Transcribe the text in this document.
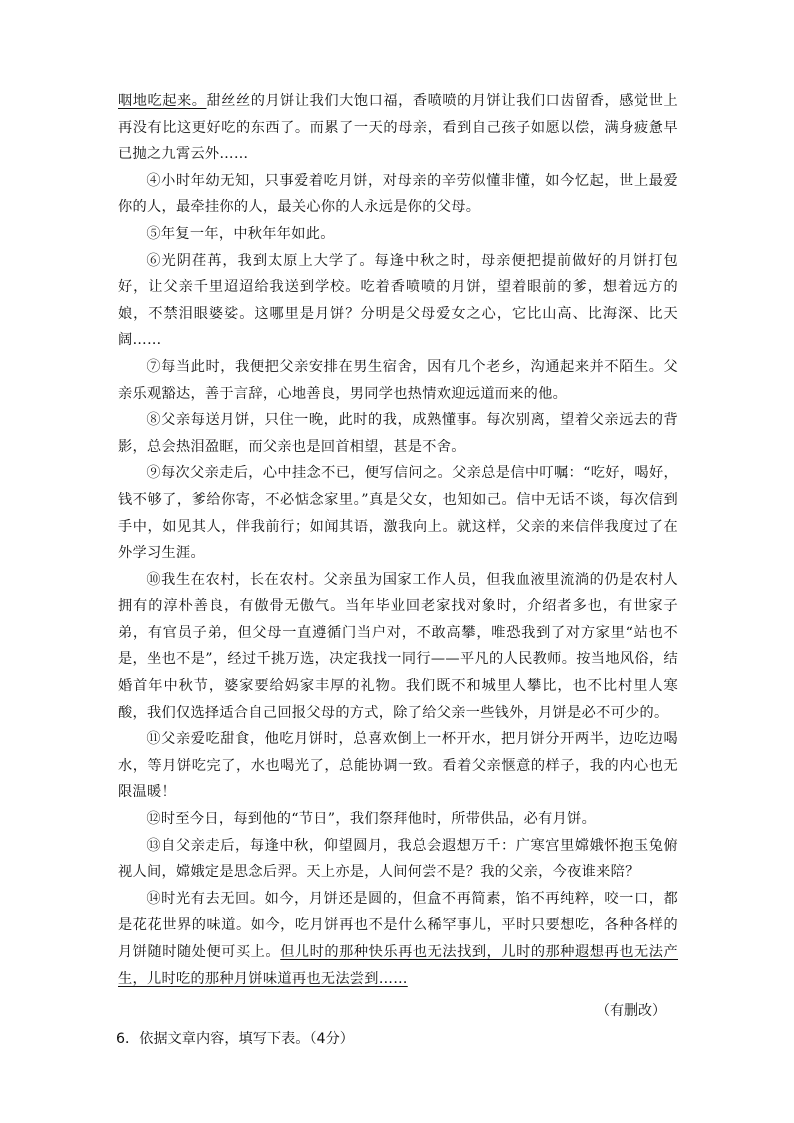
咽地吃起来。甜丝丝的月饼让我们大饱口福，香喷喷的月饼让我们口齿留香，感觉世上再没有比这更好吃的东西了。而累了一天的母亲，看到自己孩子如愿以偿，满身疲惫早已抛之九霄云外……

④小时年幼无知，只事爱着吃月饼，对母亲的辛劳似懂非懂，如今忆起，世上最爱你的人，最牵挂你的人，最关心你的人永远是你的父母。

⑤年复一年，中秋年年如此。

⑥光阴荏苒，我到太原上大学了。每逢中秋之时，母亲便把提前做好的月饼打包好，让父亲千里迢迢给我送到学校。吃着香喷喷的月饼，望着眼前的爹，想着远方的娘，不禁泪眼婆娑。这哪里是月饼？分明是父母爱女之心，它比山高、比海深、比天阔……

⑦每当此时，我便把父亲安排在男生宿舍，因有几个老乡，沟通起来并不陌生。父亲乐观豁达，善于言辞，心地善良，男同学也热情欢迎远道而来的他。

⑧父亲每送月饼，只住一晚，此时的我，成熟懂事。每次别离，望着父亲远去的背影，总会热泪盈眶，而父亲也是回首相望，甚是不舍。

⑨每次父亲走后，心中挂念不已，便写信问之。父亲总是信中叮嘱：“吃好，喝好，钱不够了，爹给你寄，不必惦念家里。”真是父女，也知如己。信中无话不谈，每次信到手中，如见其人，伴我前行；如闻其语，激我向上。就这样，父亲的来信伴我度过了在外学习生涯。

⑩我生在农村，长在农村。父亲虽为国家工作人员，但我血液里流淌的仍是农村人拥有的淳朴善良，有傲骨无傲气。当年毕业回老家找对象时，介绍者多也，有世家子弟，有官员子弟，但父母一直遵循门当户对，不敢高攀，唯恐我到了对方家里“站也不是，坐也不是”，经过千挑万选，决定我找一同行——平凡的人民教师。按当地风俗，结婚首年中秋节，婆家要给妈家丰厚的礼物。我们既不和城里人攀比，也不比村里人寒酸，我们仅选择适合自己回报父母的方式，除了给父亲一些钱外，月饼是必不可少的。

⑪父亲爱吃甜食，他吃月饼时，总喜欢倒上一杯开水，把月饼分开两半，边吃边喝水，等月饼吃完了，水也喝光了，总能协调一致。看着父亲惬意的样子，我的内心也无限温暖！

⑫时至今日，每到他的“节日”，我们祭拜他时，所带供品，必有月饼。

⑬自父亲走后，每逢中秋，仰望圆月，我总会遐想万千：广寒宫里嫦娥怀抱玉兔俯视人间，嫦娥定是思念后羿。天上亦是，人间何尝不是？我的父亲，今夜谁来陪？

⑭时光有去无回。如今，月饼还是圆的，但盒不再简素，馅不再纯粹，咬一口，都是花花世界的味道。如今，吃月饼再也不是什么稀罕事儿，平时只要想吃，各种各样的月饼随时随处便可买上。但儿时的那种快乐再也无法找到，儿时的那种遐想再也无法产生，儿时吃的那种月饼味道再也无法尝到……

（有删改）
6．依据文章内容，填写下表。（4分）
